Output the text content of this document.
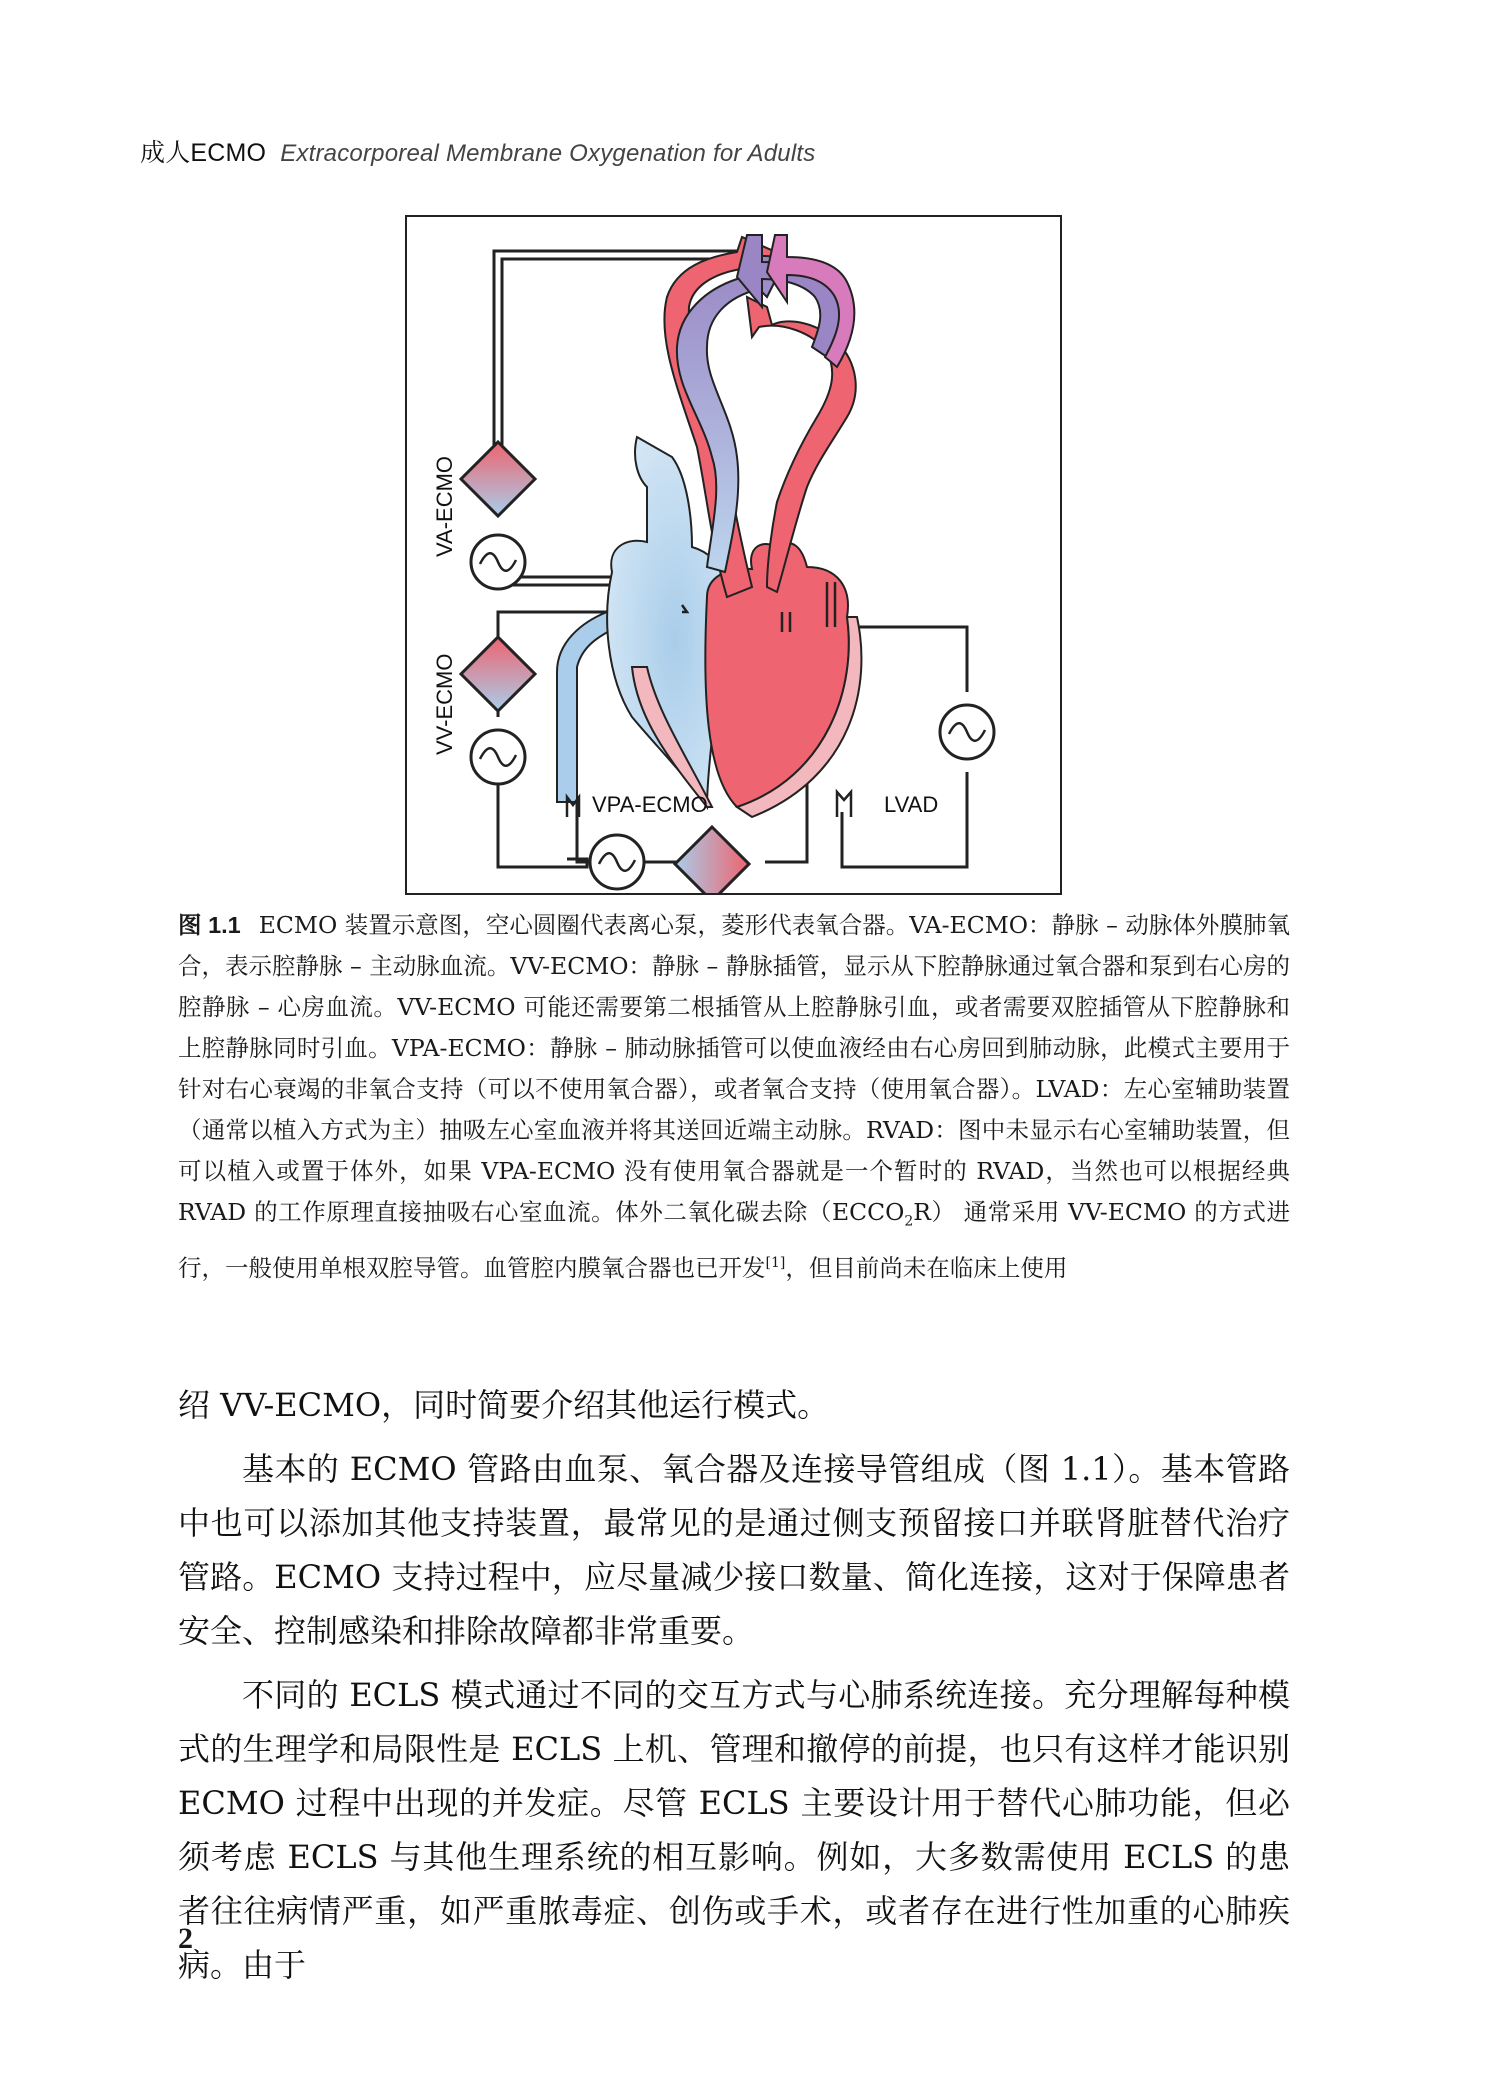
成人ECMO Extracorporeal Membrane Oxygenation for Adults
VA-ECMO
VV-ECMO
VPA-ECMO	LVAD
图 1.1 ECMO 装置示意图，空心圆圈代表离心泵，菱形代表氧合器。VA-ECMO：静脉 – 动脉体外膜肺氧合，表示腔静脉 – 主动脉血流。VV-ECMO：静脉 – 静脉插管，显示从下腔静脉通过氧合器和泵到右心房的腔静脉 – 心房血流。VV-ECMO 可能还需要第二根插管从上腔静脉引血，或者需要双腔插管从下腔静脉和上腔静脉同时引血。VPA-ECMO：静脉 – 肺动脉插管可以使血液经由右心房回到肺动脉，此模式主要用于针对右心衰竭的非氧合支持（可以不使用氧合器），或者氧合支持（使用氧合器）。LVAD：左心室辅助装置（通常以植入方式为主）抽吸左心室血液并将其送回近端主动脉。RVAD：图中未显示右心室辅助装置，但可以植入或置于体外，如果 VPA-ECMO 没有使用氧合器就是一个暂时的 RVAD，当然也可以根据经典 RVAD 的工作原理直接抽吸右心室血流。体外二氧化碳去除$(ECCO_2R)$ 通常采用 VV-ECMO 的方式进行，一般使用单根双腔导管。血管腔内膜氧合器也已开发[1]，但目前尚未在临床上使用

绍 VV-ECMO，同时简要介绍其他运行模式。

基本的 ECMO 管路由血泵、氧合器及连接导管组成（图 1.1）。基本管路中也可以添加其他支持装置，最常见的是通过侧支预留接口并联肾脏替代治疗管路。ECMO 支持过程中，应尽量减少接口数量、简化连接，这对于保障患者安全、控制感染和排除故障都非常重要。

不同的 ECLS 模式通过不同的交互方式与心肺系统连接。充分理解每种模式的生理学和局限性是 ECLS 上机、管理和撤停的前提，也只有这样才能识别 ECMO 过程中出现的并发症。尽管 ECLS 主要设计用于替代心肺功能，但必须考虑 ECLS 与其他生理系统的相互影响。例如，大多数需使用 ECLS 的患者往往病情严重，如严重脓毒症、创伤或手术，或者存在进行性加重的心肺疾病。由于

2
